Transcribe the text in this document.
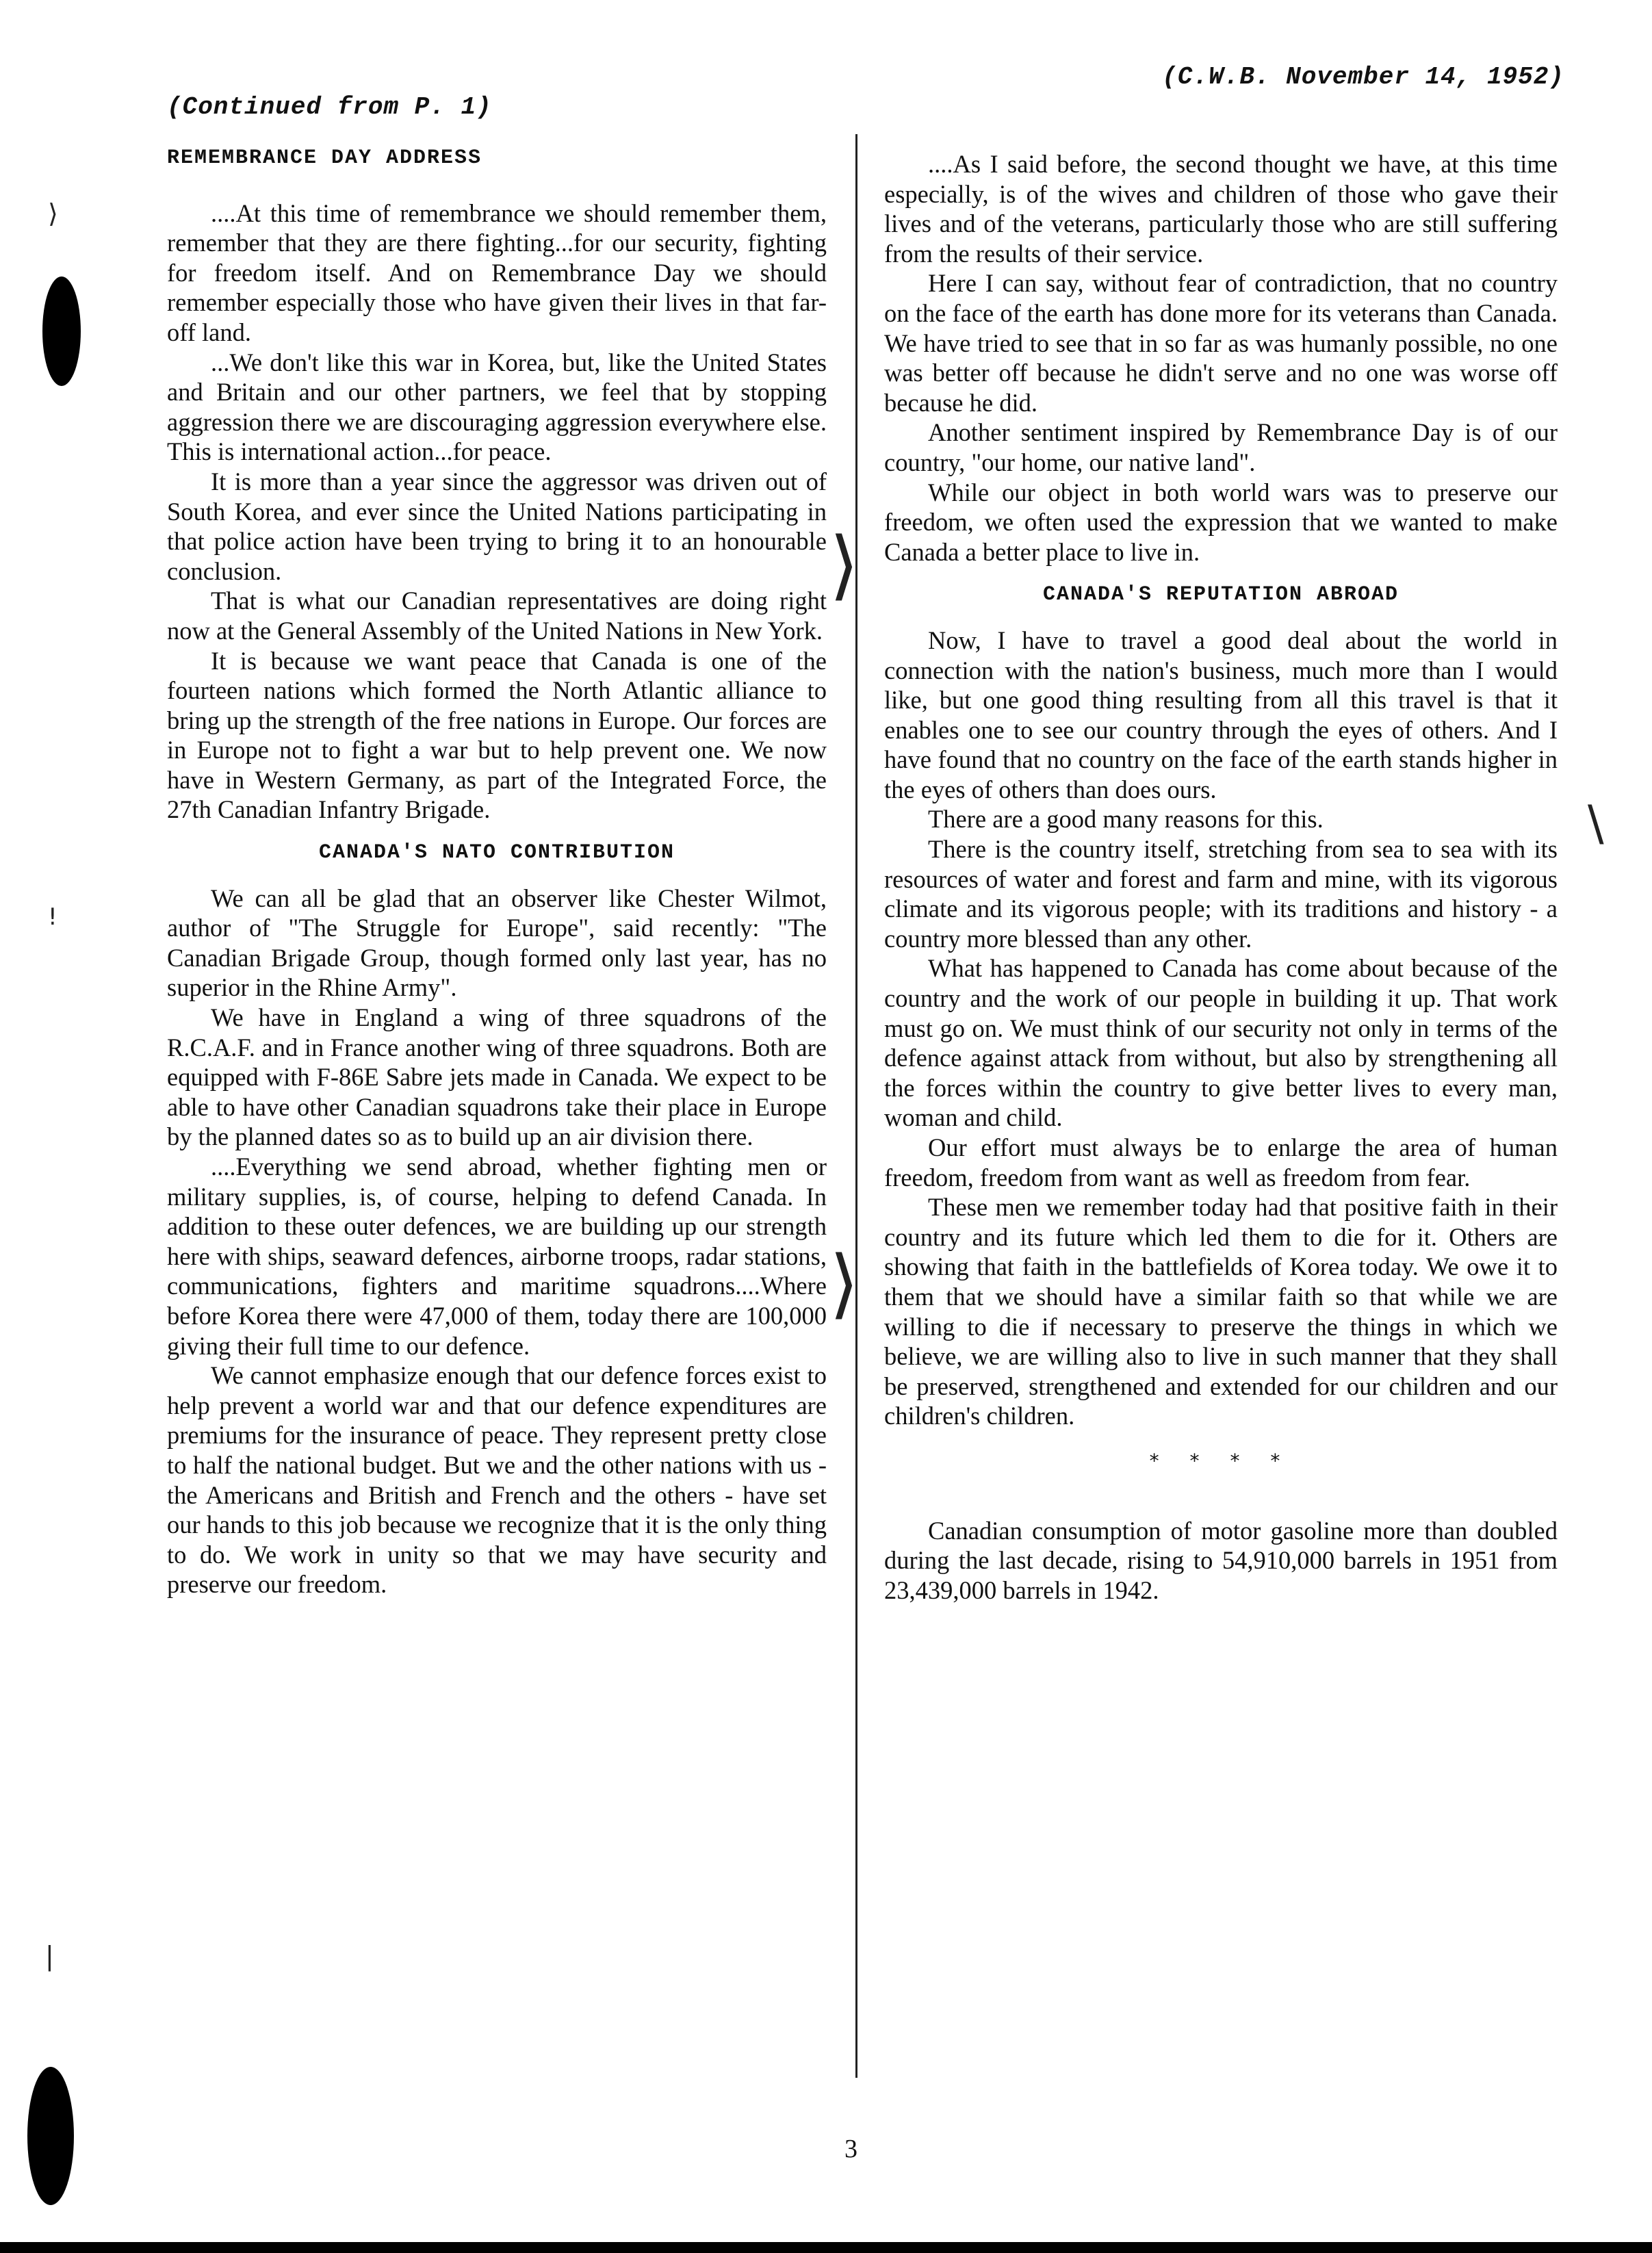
(C.W.B. November 14, 1952)
(Continued from P. 1)
REMEMBRANCE DAY ADDRESS

....At this time of remembrance we should remember them, remember that they are there fighting...for our security, fighting for freedom itself. And on Remembrance Day we should remember especially those who have given their lives in that far-off land.

...We don't like this war in Korea, but, like the United States and Britain and our other partners, we feel that by stopping aggression there we are discouraging aggression everywhere else. This is international action...for peace.

It is more than a year since the aggressor was driven out of South Korea, and ever since the United Nations participating in that police action have been trying to bring it to an honourable conclusion.

That is what our Canadian representatives are doing right now at the General Assembly of the United Nations in New York.

It is because we want peace that Canada is one of the fourteen nations which formed the North Atlantic alliance to bring up the strength of the free nations in Europe. Our forces are in Europe not to fight a war but to help prevent one. We now have in Western Germany, as part of the Integrated Force, the 27th Canadian Infantry Brigade.

CANADA'S NATO CONTRIBUTION

We can all be glad that an observer like Chester Wilmot, author of "The Struggle for Europe", said recently: "The Canadian Brigade Group, though formed only last year, has no superior in the Rhine Army".

We have in England a wing of three squadrons of the R.C.A.F. and in France another wing of three squadrons. Both are equipped with F-86E Sabre jets made in Canada. We expect to be able to have other Canadian squadrons take their place in Europe by the planned dates so as to build up an air division there.

....Everything we send abroad, whether fighting men or military supplies, is, of course, helping to defend Canada. In addition to these outer defences, we are building up our strength here with ships, seaward defences, airborne troops, radar stations, communications, fighters and maritime squadrons....Where before Korea there were 47,000 of them, today there are 100,000 giving their full time to our defence.

We cannot emphasize enough that our defence forces exist to help prevent a world war and that our defence expenditures are premiums for the insurance of peace. They represent pretty close to half the national budget. But we and the other nations with us - the Americans and British and French and the others - have set our hands to this job because we recognize that it is the only thing to do. We work in unity so that we may have security and preserve our freedom.

....As I said before, the second thought we have, at this time especially, is of the wives and children of those who gave their lives and of the veterans, particularly those who are still suffering from the results of their service.

Here I can say, without fear of contradiction, that no country on the face of the earth has done more for its veterans than Canada. We have tried to see that in so far as was humanly possible, no one was better off because he didn't serve and no one was worse off because he did.

Another sentiment inspired by Remembrance Day is of our country, "our home, our native land".

While our object in both world wars was to preserve our freedom, we often used the expression that we wanted to make Canada a better place to live in.

CANADA'S REPUTATION ABROAD

Now, I have to travel a good deal about the world in connection with the nation's business, much more than I would like, but one good thing resulting from all this travel is that it enables one to see our country through the eyes of others. And I have found that no country on the face of the earth stands higher in the eyes of others than does ours.

There are a good many reasons for this.

There is the country itself, stretching from sea to sea with its resources of water and forest and farm and mine, with its vigorous climate and its vigorous people; with its traditions and history - a country more blessed than any other.

What has happened to Canada has come about because of the country and the work of our people in building it up. That work must go on. We must think of our security not only in terms of the defence against attack from without, but also by strengthening all the forces within the country to give better lives to every man, woman and child.

Our effort must always be to enlarge the area of human freedom, freedom from want as well as freedom from fear.

These men we remember today had that positive faith in their country and its future which led them to die for it. Others are showing that faith in the battlefields of Korea today. We owe it to them that we should have a similar faith so that while we are willing to die if necessary to preserve the things in which we believe, we are willing also to live in such manner that they shall be preserved, strengthened and extended for our children and our children's children.

* * * *

Canadian consumption of motor gasoline more than doubled during the last decade, rising to 54,910,000 barrels in 1951 from 23,439,000 barrels in 1942.

3
⟩
!
|
⟩
⟩
\
